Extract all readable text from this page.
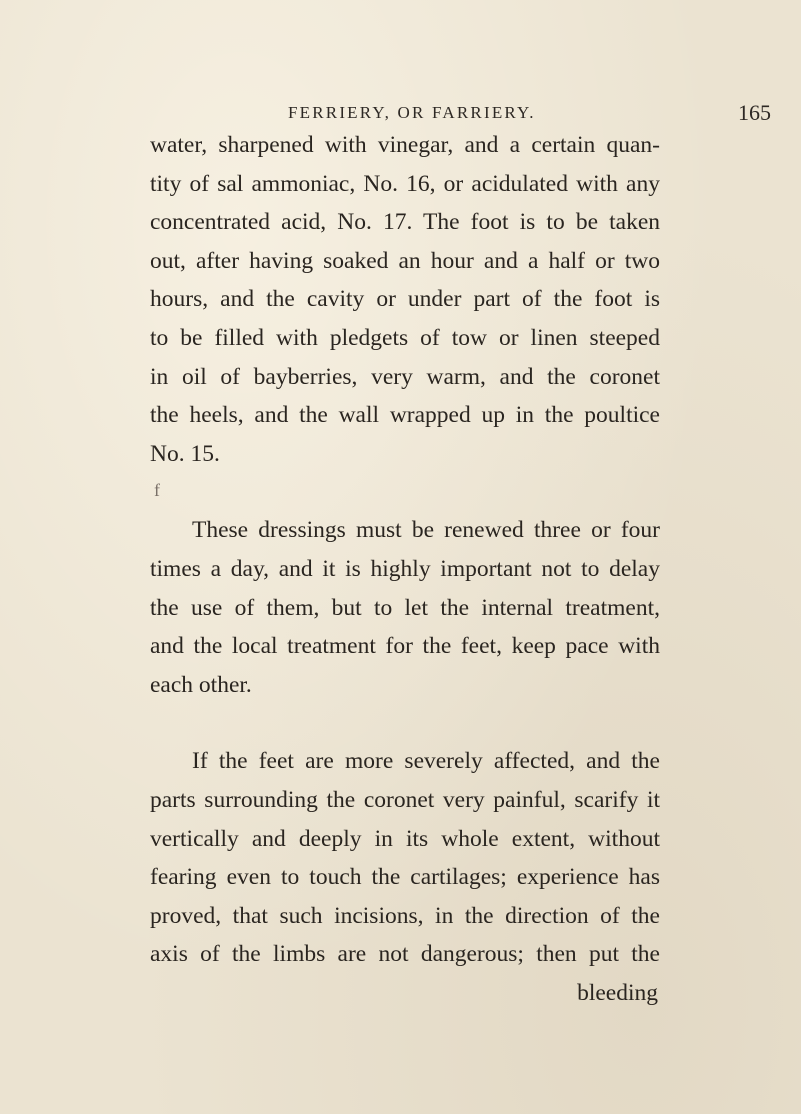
FERRIERY, OR FARRIERY.	165
f

water, sharpened with vinegar, and a certain quan-
tity of sal ammoniac, No. 16, or acidulated with any
concentrated acid, No. 17. The foot is to be taken
out, after having soaked an hour and a half or two
hours, and the cavity or under part of the foot is
to be filled with pledgets of tow or linen steeped
in oil of bayberries, very warm, and the coronet
the heels, and the wall wrapped up in the poultice
No. 15.

These dressings must be renewed three or four
times a day, and it is highly important not to delay
the use of them, but to let the internal treatment,
and the local treatment for the feet, keep pace with
each other.

If the feet are more severely affected, and the
parts surrounding the coronet very painful, scarify it
vertically and deeply in its whole extent, without
fearing even to touch the cartilages; experience has
proved, that such incisions, in the direction of the
axis of the limbs are not dangerous; then put the

bleeding
